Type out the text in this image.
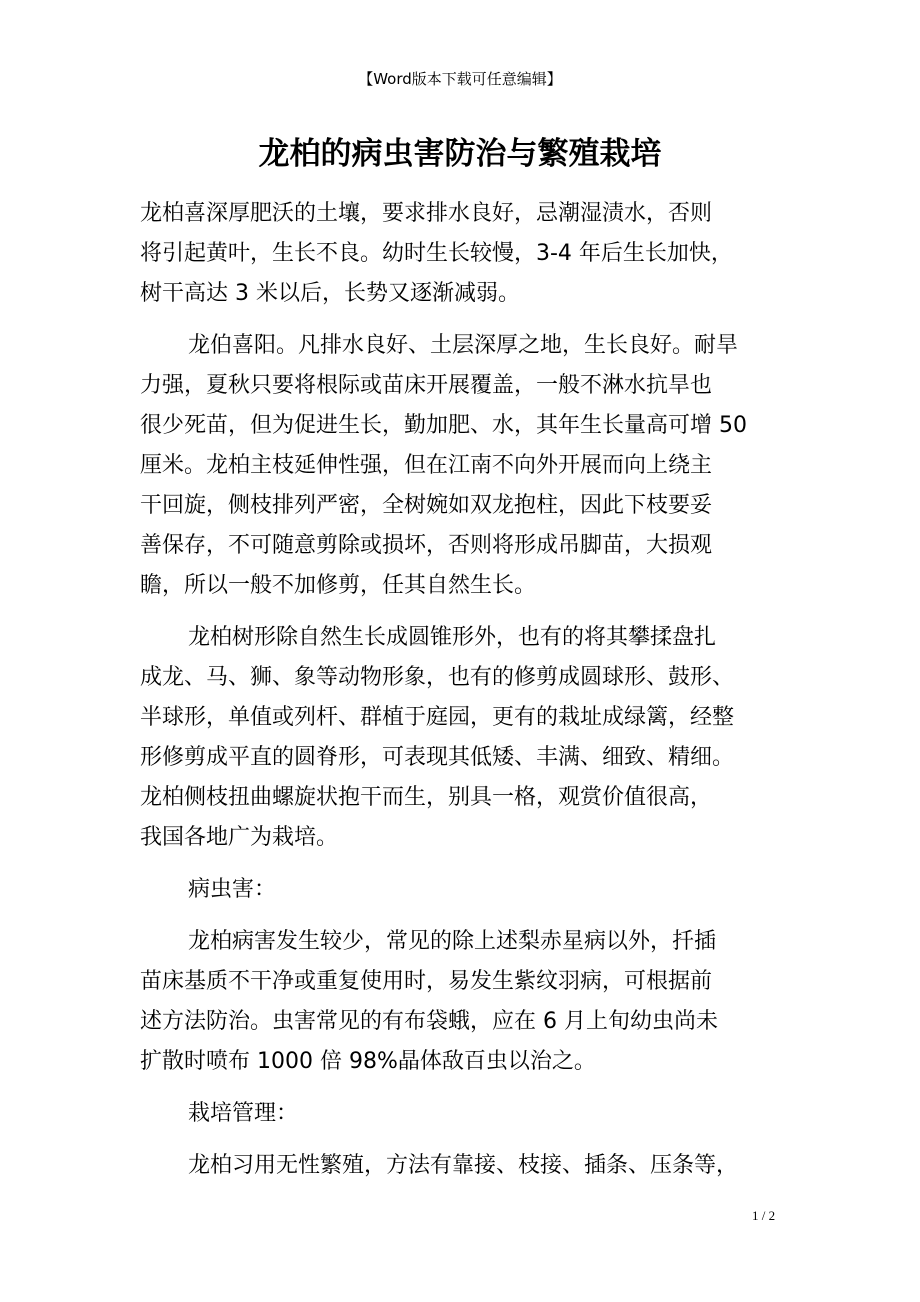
【Word版本下载可任意编辑】
龙柏的病虫害防治与繁殖栽培
龙柏喜深厚肥沃的土壤，要求排水良好，忌潮湿渍水，否则
将引起黄叶，生长不良。幼时生长较慢，3-4 年后生长加快，
树干高达 3 米以后，长势又逐渐减弱。
龙伯喜阳。凡排水良好、土层深厚之地，生长良好。耐旱
力强，夏秋只要将根际或苗床开展覆盖，一般不淋水抗旱也
很少死苗，但为促进生长，勤加肥、水，其年生长量高可增 50
厘米。龙柏主枝延伸性强，但在江南不向外开展而向上绕主
干回旋，侧枝排列严密，全树婉如双龙抱柱，因此下枝要妥
善保存，不可随意剪除或损坏，否则将形成吊脚苗，大损观
瞻，所以一般不加修剪，任其自然生长。
龙柏树形除自然生长成圆锥形外，也有的将其攀揉盘扎
成龙、马、狮、象等动物形象，也有的修剪成圆球形、鼓形、
半球形，单值或列杆、群植于庭园，更有的栽址成绿篱，经整
形修剪成平直的圆脊形，可表现其低矮、丰满、细致、精细。
龙柏侧枝扭曲螺旋状抱干而生，别具一格，观赏价值很高，
我国各地广为栽培。
病虫害：
龙柏病害发生较少，常见的除上述梨赤星病以外，扦插
苗床基质不干净或重复使用时，易发生紫纹羽病，可根据前
述方法防治。虫害常见的有布袋蛾，应在 6 月上旬幼虫尚未
扩散时喷布 1000 倍 98%晶体敌百虫以治之。
栽培管理：
龙柏习用无性繁殖，方法有靠接、枝接、插条、压条等，
1 / 2
